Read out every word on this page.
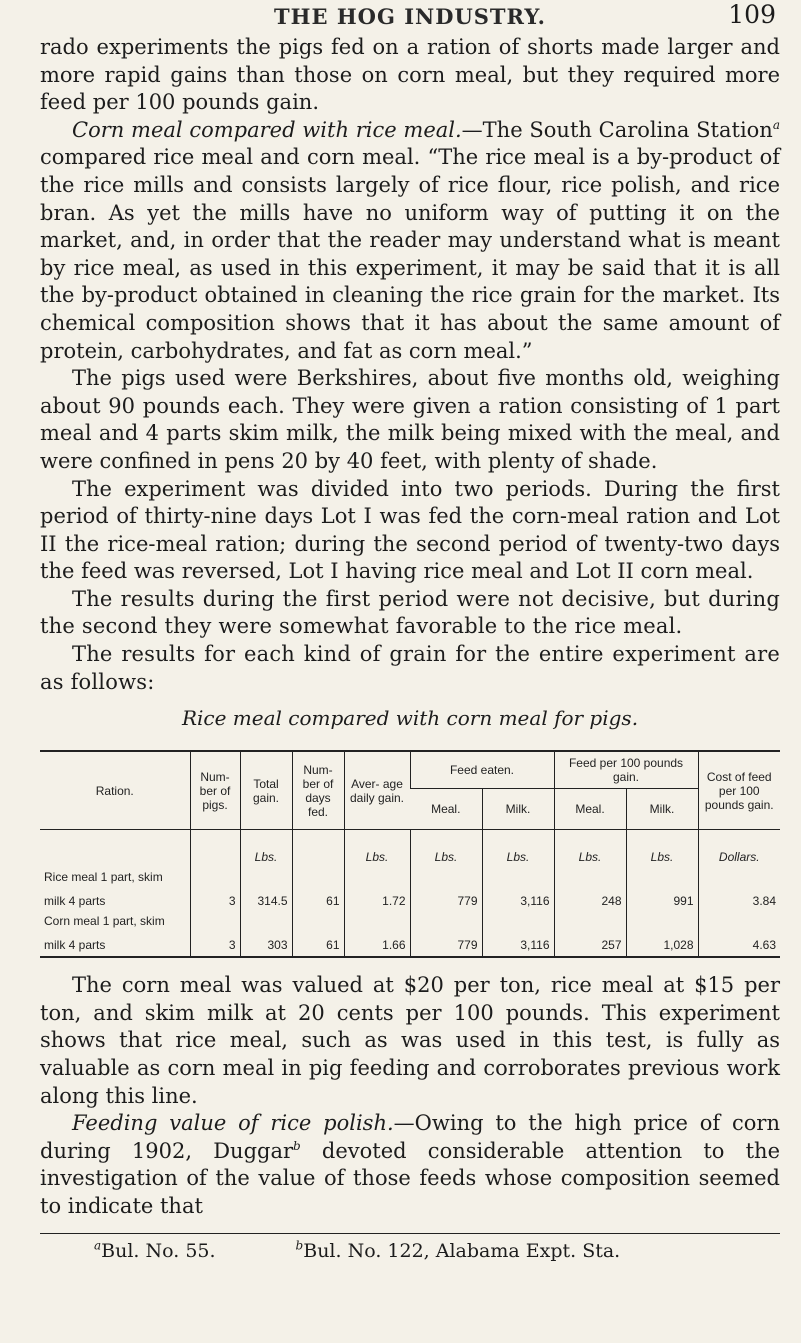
THE HOG INDUSTRY.	109

rado experiments the pigs fed on a ration of shorts made larger and more rapid gains than those on corn meal, but they required more feed per 100 pounds gain.

Corn meal compared with rice meal.—The South Carolina Station$^a$ compared rice meal and corn meal. “The rice meal is a by-product of the rice mills and consists largely of rice flour, rice polish, and rice bran. As yet the mills have no uniform way of putting it on the market, and, in order that the reader may understand what is meant by rice meal, as used in this experiment, it may be said that it is all the by-product obtained in cleaning the rice grain for the market. Its chemical composition shows that it has about the same amount of protein, carbohydrates, and fat as corn meal.”

The pigs used were Berkshires, about five months old, weighing about 90 pounds each. They were given a ration consisting of 1 part meal and 4 parts skim milk, the milk being mixed with the meal, and were confined in pens 20 by 40 feet, with plenty of shade.

The experiment was divided into two periods. During the first period of thirty-nine days Lot I was fed the corn-meal ration and Lot II the rice-meal ration; during the second period of twenty-two days the feed was reversed, Lot I having rice meal and Lot II corn meal.

The results during the first period were not decisive, but during the second they were somewhat favorable to the rice meal.

The results for each kind of grain for the entire experiment are as follows:

Rice meal compared with corn meal for pigs.
Ration.	Num- ber of pigs.	Total gain.	Num- ber of days fed.	Aver- age daily gain.	Feed eaten.		Feed per 100 pounds gain.		Cost of feed per 100 pounds gain.
					Meal.	Milk.	Meal.	Milk.	
		Lbs.		Lbs.	Lbs.	Lbs.	Lbs.	Lbs.	Dollars.
Rice meal 1 part, skim									
milk 4 parts	3	314.5	61	1.72	779	3,116	248	991	3.84
Corn meal 1 part, skim									
milk 4 parts	3	303	61	1.66	779	3,116	257	1,028	4.63

The corn meal was valued at $20 per ton, rice meal at $15 per ton, and skim milk at 20 cents per 100 pounds. This experiment shows that rice meal, such as was used in this test, is fully as valuable as corn meal in pig feeding and corroborates previous work along this line.

Feeding value of rice polish.—Owing to the high price of corn during 1902, Duggar$^b$ devoted considerable attention to the investigation of the value of those feeds whose composition seemed to indicate that

$^a$Bul. No. 55.	$^b$Bul. No. 122, Alabama Expt. Sta.
